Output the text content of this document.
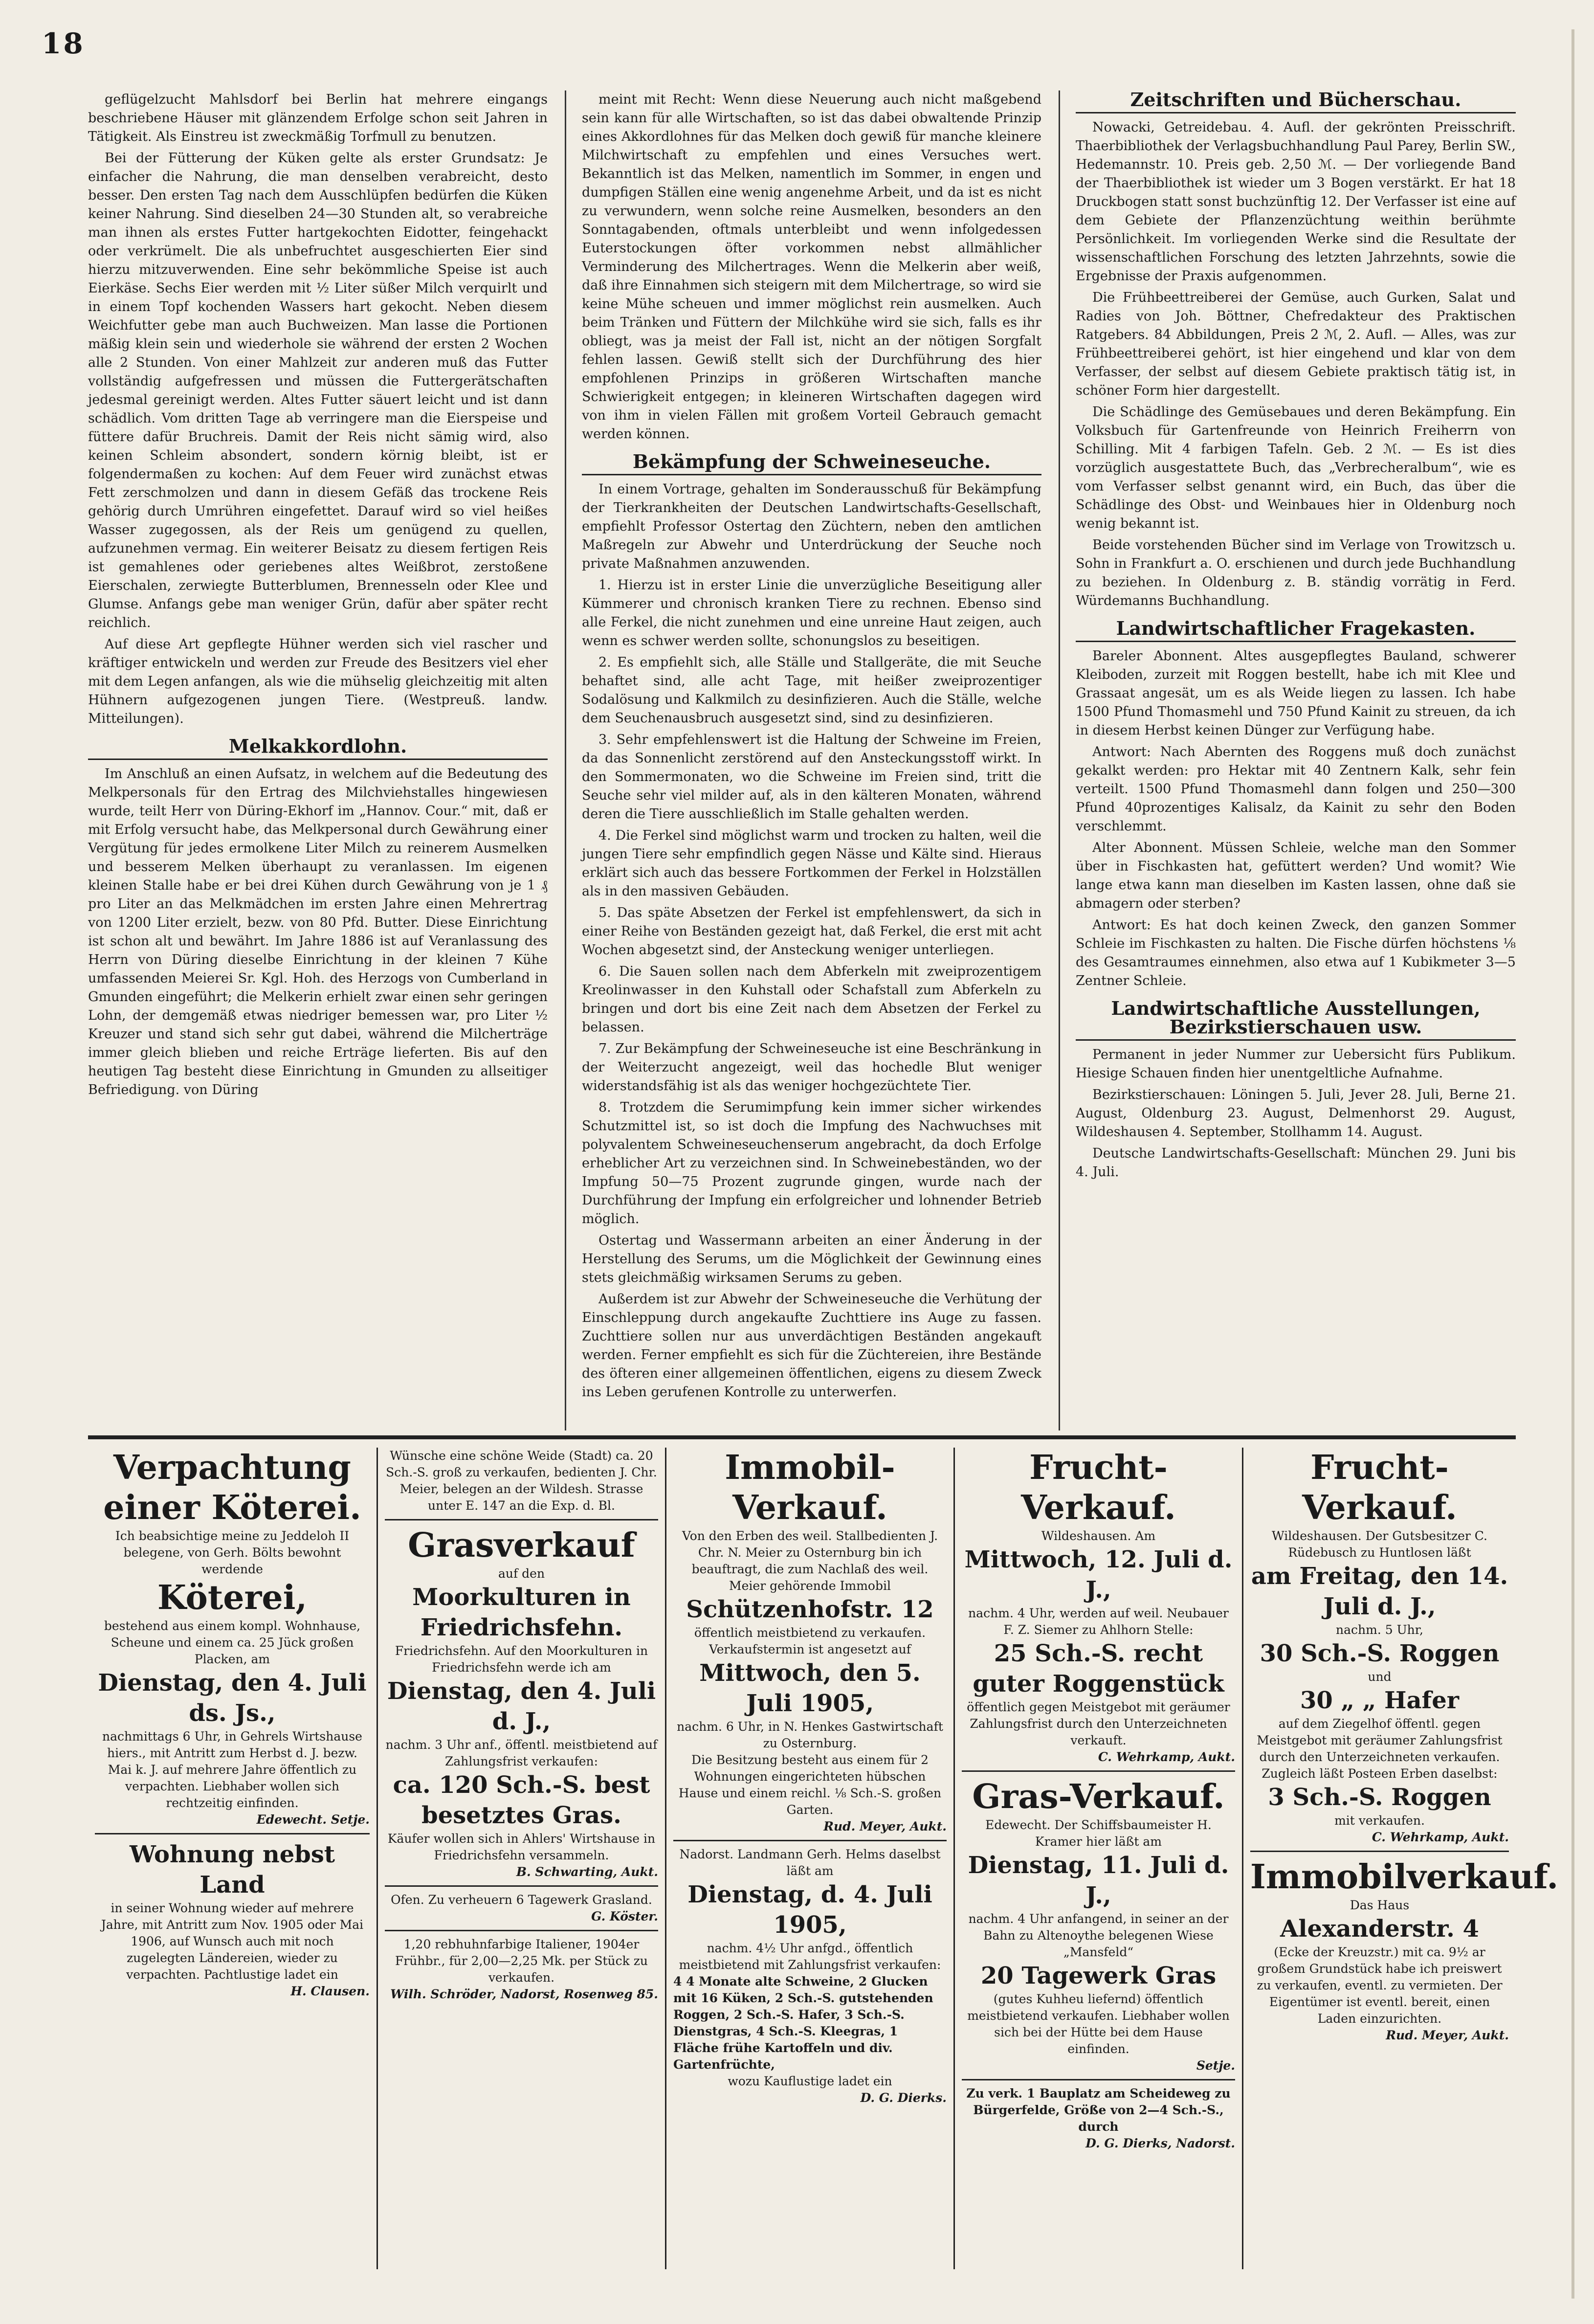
18

geflügelzucht Mahlsdorf bei Berlin hat mehrere eingangs beschriebene Häuser mit glänzendem Erfolge schon seit Jahren in Tätigkeit. Als Einstreu ist zweckmäßig Torfmull zu benutzen.

Bei der Fütterung der Küken gelte als erster Grundsatz: Je einfacher die Nahrung, die man denselben verabreicht, desto besser. Den ersten Tag nach dem Ausschlüpfen bedürfen die Küken keiner Nahrung. Sind dieselben 24—30 Stunden alt, so verabreiche man ihnen als erstes Futter hartgekochten Eidotter, feingehackt oder verkrümelt. Die als unbefruchtet ausgeschierten Eier sind hierzu mitzuverwenden. Eine sehr bekömmliche Speise ist auch Eierkäse. Sechs Eier werden mit ½ Liter süßer Milch verquirlt und in einem Topf kochenden Wassers hart gekocht. Neben diesem Weichfutter gebe man auch Buchweizen. Man lasse die Portionen mäßig klein sein und wiederhole sie während der ersten 2 Wochen alle 2 Stunden. Von einer Mahlzeit zur anderen muß das Futter vollständig aufgefressen und müssen die Futtergerätschaften jedesmal gereinigt werden. Altes Futter säuert leicht und ist dann schädlich. Vom dritten Tage ab verringere man die Eierspeise und füttere dafür Bruchreis. Damit der Reis nicht sämig wird, also keinen Schleim absondert, sondern körnig bleibt, ist er folgendermaßen zu kochen: Auf dem Feuer wird zunächst etwas Fett zerschmolzen und dann in diesem Gefäß das trockene Reis gehörig durch Umrühren eingefettet. Darauf wird so viel heißes Wasser zugegossen, als der Reis um genügend zu quellen, aufzunehmen vermag. Ein weiterer Beisatz zu diesem fertigen Reis ist gemahlenes oder geriebenes altes Weißbrot, zerstoßene Eierschalen, zerwiegte Butterblumen, Brennesseln oder Klee und Glumse. Anfangs gebe man weniger Grün, dafür aber später recht reichlich.

Auf diese Art gepflegte Hühner werden sich viel rascher und kräftiger entwickeln und werden zur Freude des Besitzers viel eher mit dem Legen anfangen, als wie die mühselig gleichzeitig mit alten Hühnern aufgezogenen jungen Tiere. (Westpreuß. landw. Mitteilungen).

Melkakkordlohn.

Im Anschluß an einen Aufsatz, in welchem auf die Bedeutung des Melkpersonals für den Ertrag des Milchviehstalles hingewiesen wurde, teilt Herr von Düring-Ekhorf im „Hannov. Cour.“ mit, daß er mit Erfolg versucht habe, das Melkpersonal durch Gewährung einer Vergütung für jedes ermolkene Liter Milch zu reinerem Ausmelken und besserem Melken überhaupt zu veranlassen. Im eigenen kleinen Stalle habe er bei drei Kühen durch Gewährung von je 1 ₰ pro Liter an das Melkmädchen im ersten Jahre einen Mehrertrag von 1200 Liter erzielt, bezw. von 80 Pfd. Butter. Diese Einrichtung ist schon alt und bewährt. Im Jahre 1886 ist auf Veranlassung des Herrn von Düring dieselbe Einrichtung in der kleinen 7 Kühe umfassenden Meierei Sr. Kgl. Hoh. des Herzogs von Cumberland in Gmunden eingeführt; die Melkerin erhielt zwar einen sehr geringen Lohn, der demgemäß etwas niedriger bemessen war, pro Liter ½ Kreuzer und stand sich sehr gut dabei, während die Milcherträge immer gleich blieben und reiche Erträge lieferten. Bis auf den heutigen Tag besteht diese Einrichtung in Gmunden zu allseitiger Befriedigung. von Düring

meint mit Recht: Wenn diese Neuerung auch nicht maßgebend sein kann für alle Wirtschaften, so ist das dabei obwaltende Prinzip eines Akkordlohnes für das Melken doch gewiß für manche kleinere Milchwirtschaft zu empfehlen und eines Versuches wert. Bekanntlich ist das Melken, namentlich im Sommer, in engen und dumpfigen Ställen eine wenig angenehme Arbeit, und da ist es nicht zu verwundern, wenn solche reine Ausmelken, besonders an den Sonntagabenden, oftmals unterbleibt und wenn infolgedessen Euterstockungen öfter vorkommen nebst allmählicher Verminderung des Milchertrages. Wenn die Melkerin aber weiß, daß ihre Einnahmen sich steigern mit dem Milchertrage, so wird sie keine Mühe scheuen und immer möglichst rein ausmelken. Auch beim Tränken und Füttern der Milchkühe wird sie sich, falls es ihr obliegt, was ja meist der Fall ist, nicht an der nötigen Sorgfalt fehlen lassen. Gewiß stellt sich der Durchführung des hier empfohlenen Prinzips in größeren Wirtschaften manche Schwierigkeit entgegen; in kleineren Wirtschaften dagegen wird von ihm in vielen Fällen mit großem Vorteil Gebrauch gemacht werden können.

Bekämpfung der Schweineseuche.

In einem Vortrage, gehalten im Sonderausschuß für Bekämpfung der Tierkrankheiten der Deutschen Landwirtschafts-Gesellschaft, empfiehlt Professor Ostertag den Züchtern, neben den amtlichen Maßregeln zur Abwehr und Unterdrückung der Seuche noch private Maßnahmen anzuwenden.

1. Hierzu ist in erster Linie die unverzügliche Beseitigung aller Kümmerer und chronisch kranken Tiere zu rechnen. Ebenso sind alle Ferkel, die nicht zunehmen und eine unreine Haut zeigen, auch wenn es schwer werden sollte, schonungslos zu beseitigen.

2. Es empfiehlt sich, alle Ställe und Stallgeräte, die mit Seuche behaftet sind, alle acht Tage, mit heißer zweiprozentiger Sodalösung und Kalkmilch zu desinfizieren. Auch die Ställe, welche dem Seuchenausbruch ausgesetzt sind, sind zu desinfizieren.

3. Sehr empfehlenswert ist die Haltung der Schweine im Freien, da das Sonnenlicht zerstörend auf den Ansteckungsstoff wirkt. In den Sommermonaten, wo die Schweine im Freien sind, tritt die Seuche sehr viel milder auf, als in den kälteren Monaten, während deren die Tiere ausschließlich im Stalle gehalten werden.

4. Die Ferkel sind möglichst warm und trocken zu halten, weil die jungen Tiere sehr empfindlich gegen Nässe und Kälte sind. Hieraus erklärt sich auch das bessere Fortkommen der Ferkel in Holzställen als in den massiven Gebäuden.

5. Das späte Absetzen der Ferkel ist empfehlenswert, da sich in einer Reihe von Beständen gezeigt hat, daß Ferkel, die erst mit acht Wochen abgesetzt sind, der Ansteckung weniger unterliegen.

6. Die Sauen sollen nach dem Abferkeln mit zweiprozentigem Kreolinwasser in den Kuhstall oder Schafstall zum Abferkeln zu bringen und dort bis eine Zeit nach dem Absetzen der Ferkel zu belassen.

7. Zur Bekämpfung der Schweineseuche ist eine Beschränkung in der Weiterzucht angezeigt, weil das hochedle Blut weniger widerstandsfähig ist als das weniger hochgezüchtete Tier.

8. Trotzdem die Serumimpfung kein immer sicher wirkendes Schutzmittel ist, so ist doch die Impfung des Nachwuchses mit polyvalentem Schweineseuchenserum angebracht, da doch Erfolge erheblicher Art zu verzeichnen sind. In Schweinebeständen, wo der Impfung 50—75 Prozent zugrunde gingen, wurde nach der Durchführung der Impfung ein erfolgreicher und lohnender Betrieb möglich.

Ostertag und Wassermann arbeiten an einer Änderung in der Herstellung des Serums, um die Möglichkeit der Gewinnung eines stets gleichmäßig wirksamen Serums zu geben.

Außerdem ist zur Abwehr der Schweineseuche die Verhütung der Einschleppung durch angekaufte Zuchttiere ins Auge zu fassen. Zuchttiere sollen nur aus unverdächtigen Beständen angekauft werden. Ferner empfiehlt es sich für die Züchtereien, ihre Bestände des öfteren einer allgemeinen öffentlichen, eigens zu diesem Zweck ins Leben gerufenen Kontrolle zu unterwerfen.

Zeitschriften und Bücherschau.

Nowacki, Getreidebau. 4. Aufl. der gekrönten Preisschrift. Thaerbibliothek der Verlagsbuchhandlung Paul Parey, Berlin SW., Hedemannstr. 10. Preis geb. 2,50 ℳ. — Der vorliegende Band der Thaerbibliothek ist wieder um 3 Bogen verstärkt. Er hat 18 Druckbogen statt sonst buchzünftig 12. Der Verfasser ist eine auf dem Gebiete der Pflanzenzüchtung weithin berühmte Persönlichkeit. Im vorliegenden Werke sind die Resultate der wissenschaftlichen Forschung des letzten Jahrzehnts, sowie die Ergebnisse der Praxis aufgenommen.

Die Frühbeettreiberei der Gemüse, auch Gurken, Salat und Radies von Joh. Böttner, Chefredakteur des Praktischen Ratgebers. 84 Abbildungen, Preis 2 ℳ, 2. Aufl. — Alles, was zur Frühbeettreiberei gehört, ist hier eingehend und klar von dem Verfasser, der selbst auf diesem Gebiete praktisch tätig ist, in schöner Form hier dargestellt.

Die Schädlinge des Gemüsebaues und deren Bekämpfung. Ein Volksbuch für Gartenfreunde von Heinrich Freiherrn von Schilling. Mit 4 farbigen Tafeln. Geb. 2 ℳ. — Es ist dies vorzüglich ausgestattete Buch, das „Verbrecheralbum“, wie es vom Verfasser selbst genannt wird, ein Buch, das über die Schädlinge des Obst- und Weinbaues hier in Oldenburg noch wenig bekannt ist.

Beide vorstehenden Bücher sind im Verlage von Trowitzsch u. Sohn in Frankfurt a. O. erschienen und durch jede Buchhandlung zu beziehen. In Oldenburg z. B. ständig vorrätig in Ferd. Würdemanns Buchhandlung.

Landwirtschaftlicher Fragekasten.

Bareler Abonnent. Altes ausgepflegtes Bauland, schwerer Kleiboden, zurzeit mit Roggen bestellt, habe ich mit Klee und Grassaat angesät, um es als Weide liegen zu lassen. Ich habe 1500 Pfund Thomasmehl und 750 Pfund Kainit zu streuen, da ich in diesem Herbst keinen Dünger zur Verfügung habe.

Antwort: Nach Abernten des Roggens muß doch zunächst gekalkt werden: pro Hektar mit 40 Zentnern Kalk, sehr fein verteilt. 1500 Pfund Thomasmehl dann folgen und 250—300 Pfund 40prozentiges Kalisalz, da Kainit zu sehr den Boden verschlemmt.

Alter Abonnent. Müssen Schleie, welche man den Sommer über in Fischkasten hat, gefüttert werden? Und womit? Wie lange etwa kann man dieselben im Kasten lassen, ohne daß sie abmagern oder sterben?

Antwort: Es hat doch keinen Zweck, den ganzen Sommer Schleie im Fischkasten zu halten. Die Fische dürfen höchstens ⅛ des Gesamtraumes einnehmen, also etwa auf 1 Kubikmeter 3—5 Zentner Schleie.

Landwirtschaftliche Ausstellungen, Bezirkstierschauen usw.

Permanent in jeder Nummer zur Uebersicht fürs Publikum. Hiesige Schauen finden hier unentgeltliche Aufnahme.

Bezirkstierschauen: Löningen 5. Juli, Jever 28. Juli, Berne 21. August, Oldenburg 23. August, Delmenhorst 29. August, Wildeshausen 4. September, Stollhamm 14. August.

Deutsche Landwirtschafts-Gesellschaft: München 29. Juni bis 4. Juli.

Verpachtung
einer Köterei.
Ich beabsichtige meine zu Jeddeloh II belegene, von Gerh. Bölts bewohnt werdende
Köterei,
bestehend aus einem kompl. Wohnhause, Scheune und einem ca. 25 Jück großen Placken, am
Dienstag, den 4. Juli ds. Js.,
nachmittags 6 Uhr, in Gehrels Wirtshause hiers., mit Antritt zum Herbst d. J. bezw. Mai k. J. auf mehrere Jahre öffentlich zu verpachten. Liebhaber wollen sich rechtzeitig einfinden.
Edewecht. Setje.
Wohnung nebst Land
in seiner Wohnung wieder auf mehrere Jahre, mit Antritt zum Nov. 1905 oder Mai 1906, auf Wunsch auch mit noch zugelegten Ländereien, wieder zu verpachten. Pachtlustige ladet ein
H. Clausen.
Wünsche eine schöne Weide (Stadt) ca. 20 Sch.-S. groß zu verkaufen, bedienten J. Chr. Meier, belegen an der Wildesh. Strasse unter E. 147 an die Exp. d. Bl.
Grasverkauf
auf den
Moorkulturen in Friedrichsfehn.
Friedrichsfehn. Auf den Moorkulturen in Friedrichsfehn werde ich am
Dienstag, den 4. Juli d. J.,
nachm. 3 Uhr anf., öffentl. meistbietend auf Zahlungsfrist verkaufen:
ca. 120 Sch.-S. best besetztes Gras.
Käufer wollen sich in Ahlers' Wirtshause in Friedrichsfehn versammeln.
B. Schwarting, Aukt.
Ofen. Zu verheuern 6 Tagewerk Grasland.
G. Köster.
1,20 rebhuhnfarbige Italiener, 1904er Frühbr., für 2,00—2,25 Mk. per Stück zu verkaufen.
Wilh. Schröder, Nadorst, Rosenweg 85.
Immobil-Verkauf.
Von den Erben des weil. Stallbedienten J. Chr. N. Meier zu Osternburg bin ich beauftragt, die zum Nachlaß des weil. Meier gehörende Immobil
Schützenhofstr. 12
öffentlich meistbietend zu verkaufen. Verkaufstermin ist angesetzt auf
Mittwoch, den 5. Juli 1905,
nachm. 6 Uhr, in N. Henkes Gastwirtschaft zu Osternburg.
Die Besitzung besteht aus einem für 2 Wohnungen eingerichteten hübschen Hause und einem reichl. ⅛ Sch.-S. großen Garten.
Rud. Meyer, Aukt.
Nadorst. Landmann Gerh. Helms daselbst läßt am
Dienstag, d. 4. Juli 1905,
nachm. 4½ Uhr anfgd., öffentlich meistbietend mit Zahlungsfrist verkaufen:
4 4 Monate alte Schweine, 2 Glucken mit 16 Küken, 2 Sch.-S. gutstehenden Roggen, 2 Sch.-S. Hafer, 3 Sch.-S. Dienstgras, 4 Sch.-S. Kleegras, 1 Fläche frühe Kartoffeln und div. Gartenfrüchte,
wozu Kauflustige ladet ein
D. G. Dierks.
Frucht-Verkauf.
Wildeshausen. Am
Mittwoch, 12. Juli d. J.,
nachm. 4 Uhr, werden auf weil. Neubauer F. Z. Siemer zu Ahlhorn Stelle:
25 Sch.-S. recht guter Roggenstück
öffentlich gegen Meistgebot mit geräumer Zahlungsfrist durch den Unterzeichneten verkauft.
C. Wehrkamp, Aukt.
Gras-Verkauf.
Edewecht. Der Schiffsbaumeister H. Kramer hier läßt am
Dienstag, 11. Juli d. J.,
nachm. 4 Uhr anfangend, in seiner an der Bahn zu Altenoythe belegenen Wiese „Mansfeld“
20 Tagewerk Gras
(gutes Kuhheu liefernd) öffentlich meistbietend verkaufen. Liebhaber wollen sich bei der Hütte bei dem Hause einfinden.
Setje.
Zu verk. 1 Bauplatz am Scheideweg zu Bürgerfelde, Größe von 2—4 Sch.-S., durch
D. G. Dierks, Nadorst.
Frucht-Verkauf.
Wildeshausen. Der Gutsbesitzer C. Rüdebusch zu Huntlosen läßt
am Freitag, den 14. Juli d. J.,
nachm. 5 Uhr,
30 Sch.-S. Roggen
und
30 „ „ Hafer
auf dem Ziegelhof öffentl. gegen Meistgebot mit geräumer Zahlungsfrist durch den Unterzeichneten verkaufen. Zugleich läßt Posteen Erben daselbst:
3 Sch.-S. Roggen
mit verkaufen.
C. Wehrkamp, Aukt.
Immobilverkauf.
Das Haus
Alexanderstr. 4
(Ecke der Kreuzstr.) mit ca. 9½ ar großem Grundstück habe ich preiswert zu verkaufen, eventl. zu vermieten. Der Eigentümer ist eventl. bereit, einen Laden einzurichten.
Rud. Meyer, Aukt.
